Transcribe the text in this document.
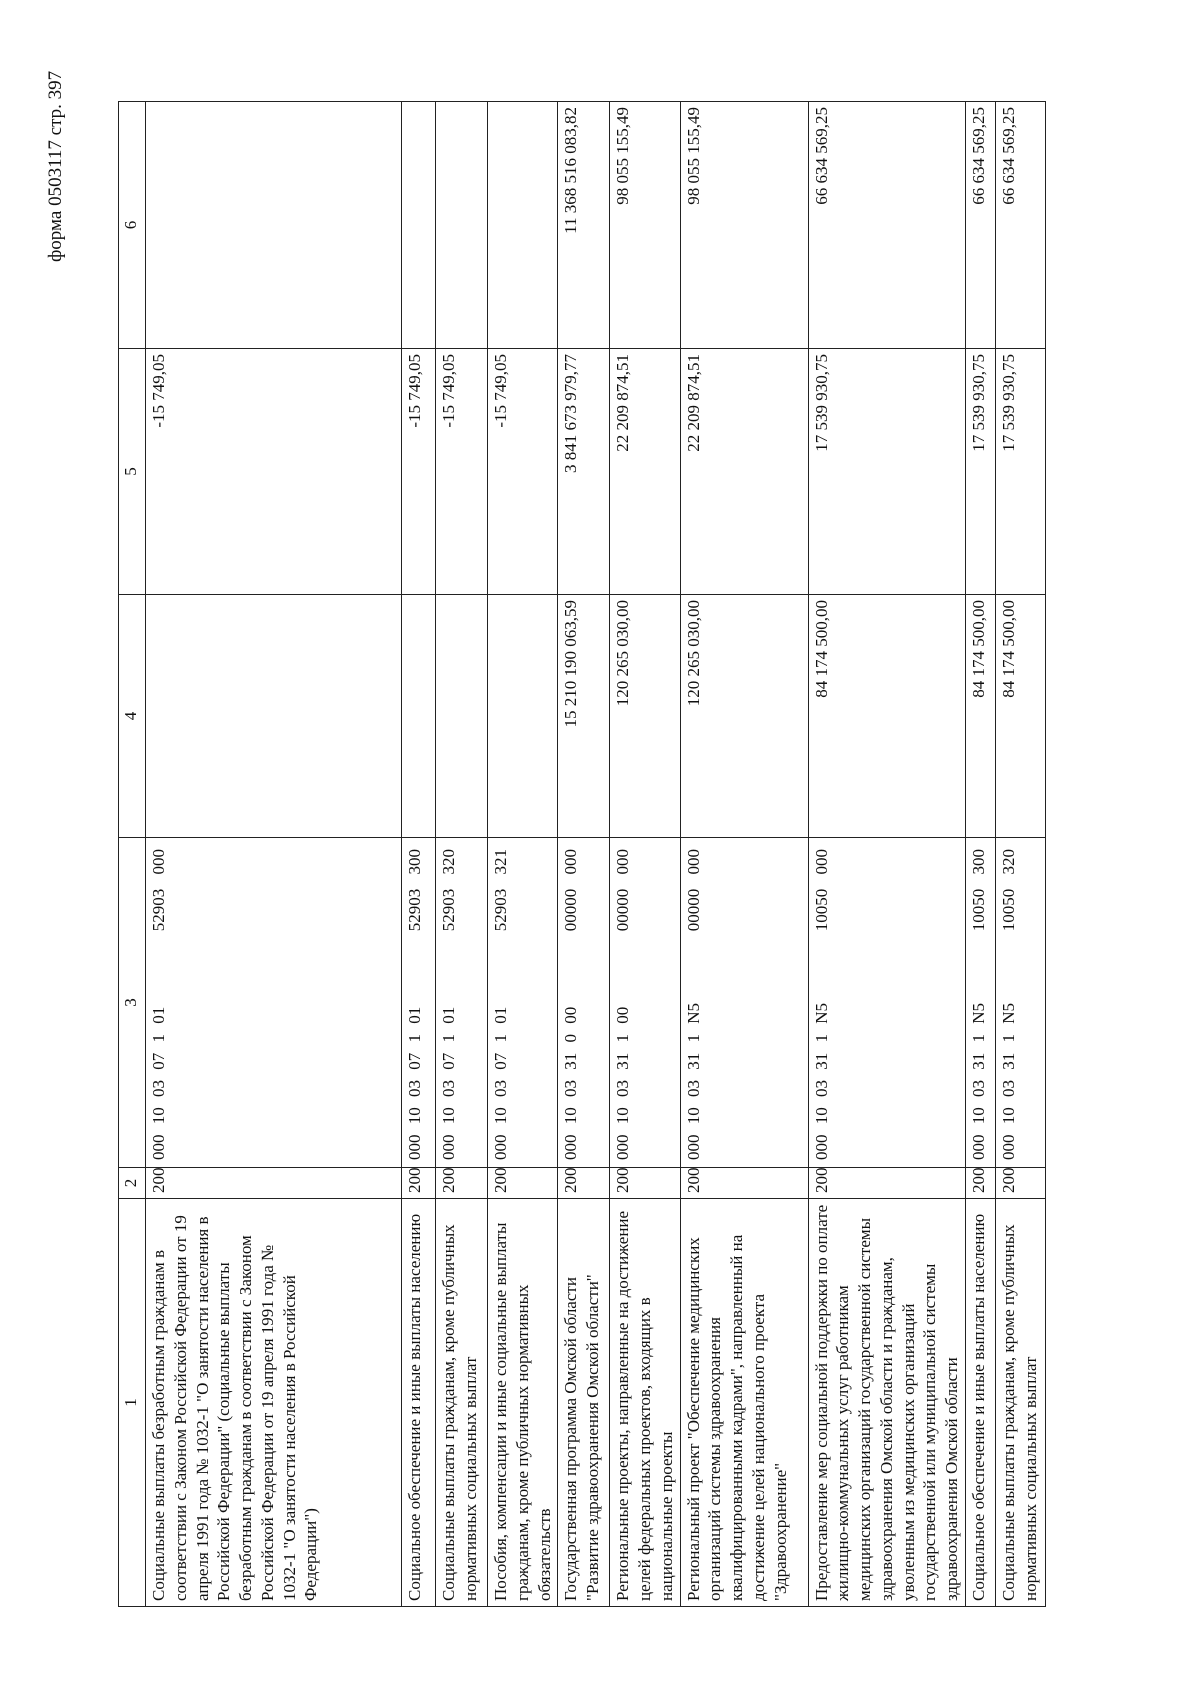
форма 0503117 стр. 397
1	2	3	4	5	6
Социальные выплаты безработным гражданам в соответствии с Законом Российской Федерации от 19 апреля 1991 года № 1032-1 "О занятости населения в Российской Федерации" (социальные выплаты безработным гражданам в соответствии с Законом Российской Федерации от 19 апреля 1991 года № 1032-1 "О занятости населения в Российской Федерации")	200	000 10 03 07 1 01
52903 000		-15 749,05	
Социальное обеспечение и иные выплаты населению	200	000 10 03 07 1 01
52903 300		-15 749,05	
Социальные выплаты гражданам, кроме публичных нормативных социальных выплат	200	000 10 03 07 1 01
52903 320		-15 749,05	
Пособия, компенсации и иные социальные выплаты гражданам, кроме публичных нормативных обязательств	200	000 10 03 07 1 01
52903 321		-15 749,05	
Государственная программа Омской области "Развитие здравоохранения Омской области"	200	000 10 03 31 0 00
00000 000	15 210 190 063,59	3 841 673 979,77	11 368 516 083,82
Региональные проекты, направленные на достижение целей федеральных проектов, входящих в национальные проекты	200	000 10 03 31 1 00
00000 000	120 265 030,00	22 209 874,51	98 055 155,49
Региональный проект "Обеспечение медицинских организаций системы здравоохранения квалифицированными кадрами", направленный на достижение целей национального проекта "Здравоохранение"	200	000 10 03 31 1 N5
00000 000	120 265 030,00	22 209 874,51	98 055 155,49
Предоставление мер социальной поддержки по оплате жилищно-коммунальных услуг работникам медицинских организаций государственной системы здравоохранения Омской области и гражданам, уволенным из медицинских организаций государственной или муниципальной системы здравоохранения Омской области	200	000 10 03 31 1 N5
10050 000	84 174 500,00	17 539 930,75	66 634 569,25
Социальное обеспечение и иные выплаты населению	200	000 10 03 31 1 N5
10050 300	84 174 500,00	17 539 930,75	66 634 569,25
Социальные выплаты гражданам, кроме публичных нормативных социальных выплат	200	000 10 03 31 1 N5
10050 320	84 174 500,00	17 539 930,75	66 634 569,25
